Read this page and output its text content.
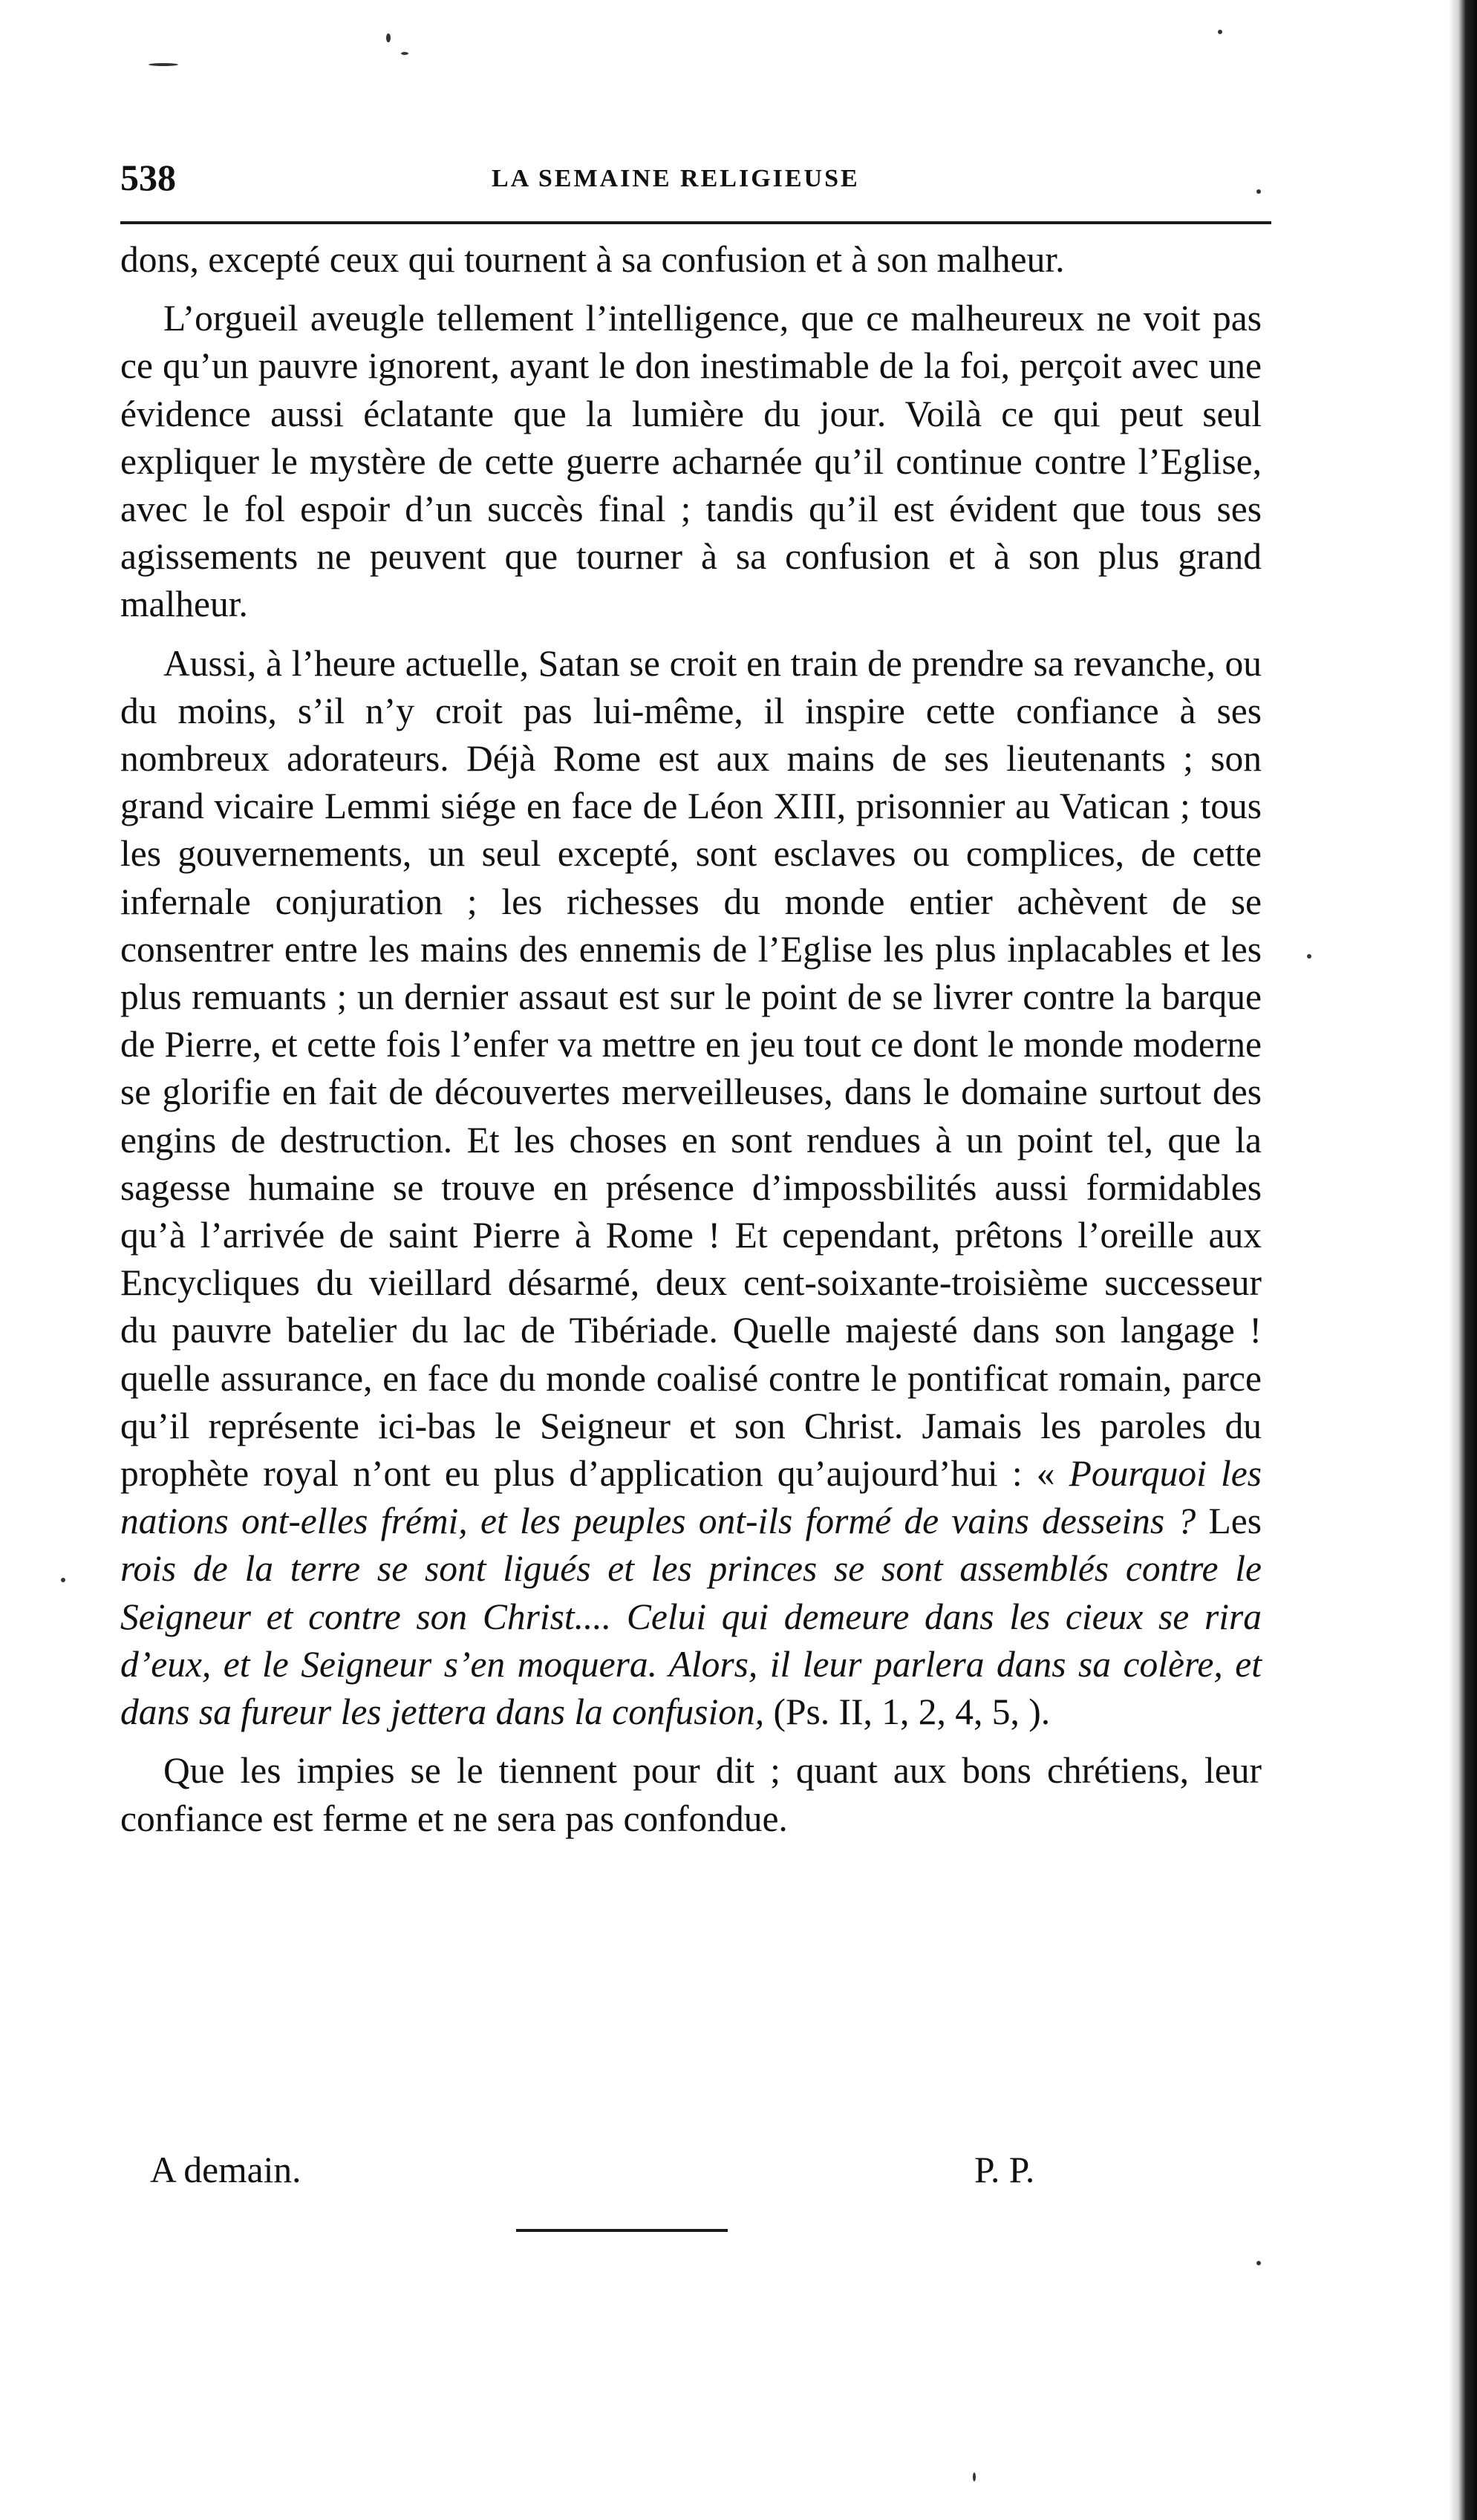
538	LA SEMAINE RELIGIEUSE

dons, excepté ceux qui tournent à sa confusion et à son malheur.

L’orgueil aveugle tellement l’intelligence, que ce malheureux ne voit pas ce qu’un pauvre ignorent, ayant le don inestimable de la foi, perçoit avec une évidence aussi éclatante que la lumière du jour. Voilà ce qui peut seul expliquer le mystère de cette guerre acharnée qu’il continue contre l’Eglise, avec le fol espoir d’un succès final ; tandis qu’il est évident que tous ses agissements ne peuvent que tourner à sa confusion et à son plus grand malheur.

Aussi, à l’heure actuelle, Satan se croit en train de prendre sa revanche, ou du moins, s’il n’y croit pas lui-même, il inspire cette confiance à ses nombreux adorateurs. Déjà Rome est aux mains de ses lieutenants ; son grand vicaire Lemmi siége en face de Léon XIII, prisonnier au Vatican ; tous les gouvernements, un seul excepté, sont esclaves ou complices, de cette infernale conjuration ; les richesses du monde entier achèvent de se consentrer entre les mains des ennemis de l’Eglise les plus inplacables et les plus remuants ; un dernier assaut est sur le point de se livrer contre la barque de Pierre, et cette fois l’enfer va mettre en jeu tout ce dont le monde moderne se glorifie en fait de découvertes merveilleuses, dans le domaine surtout des engins de destruction. Et les choses en sont rendues à un point tel, que la sagesse humaine se trouve en présence d’impossbilités aussi formidables qu’à l’arrivée de saint Pierre à Rome ! Et cependant, prêtons l’oreille aux Encycliques du vieillard désarmé, deux cent-soixante-troisième successeur du pauvre batelier du lac de Tibériade. Quelle majesté dans son langage ! quelle assurance, en face du monde coalisé contre le pontificat romain, parce qu’il représente ici-bas le Seigneur et son Christ. Jamais les paroles du prophète royal n’ont eu plus d’application qu’aujourd’hui : « Pourquoi les nations ont-elles frémi, et les peuples ont-ils formé de vains desseins ? Les rois de la terre se sont ligués et les princes se sont assemblés contre le Seigneur et contre son Christ.... Celui qui demeure dans les cieux se rira d’eux, et le Seigneur s’en moquera. Alors, il leur parlera dans sa colère, et dans sa fureur les jettera dans la confusion, (Ps. II, 1, 2, 4, 5, ).

Que les impies se le tiennent pour dit ; quant aux bons chrétiens, leur confiance est ferme et ne sera pas confondue.

A demain.	P. P.
